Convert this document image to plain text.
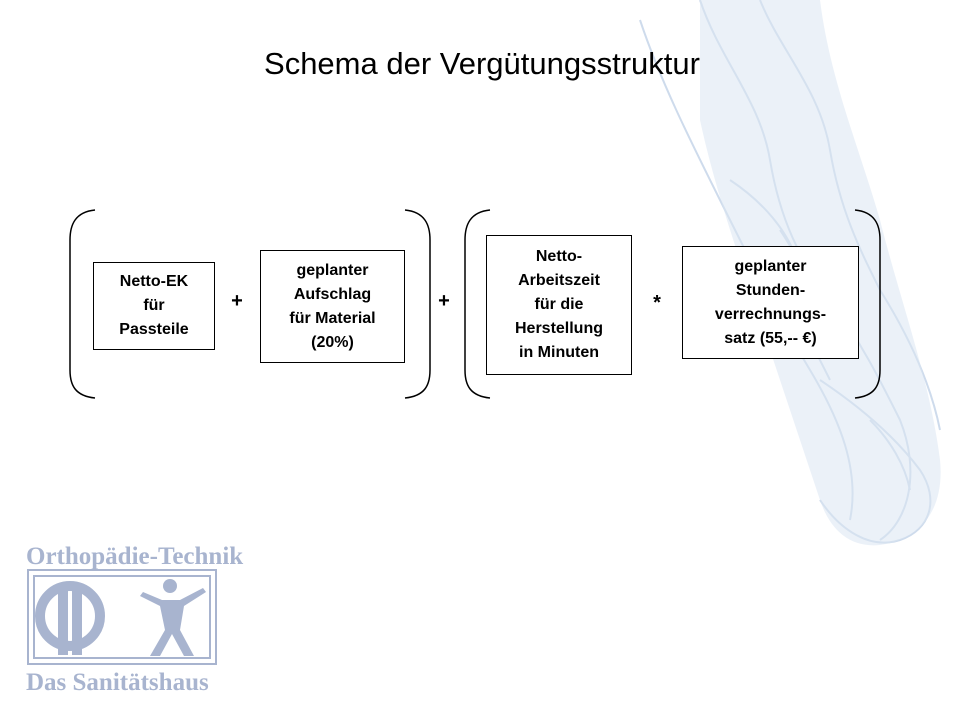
Schema der Vergütungsstruktur
Netto-EK
für
Passteile
+
geplanter
Aufschlag
für Material
(20%)
+
Netto-
Arbeitszeit
für die
Herstellung
in Minuten
*
geplanter
Stunden-
verrechnungs-
satz (55,-- €)
Orthopädie-Technik
Das Sanitätshaus
